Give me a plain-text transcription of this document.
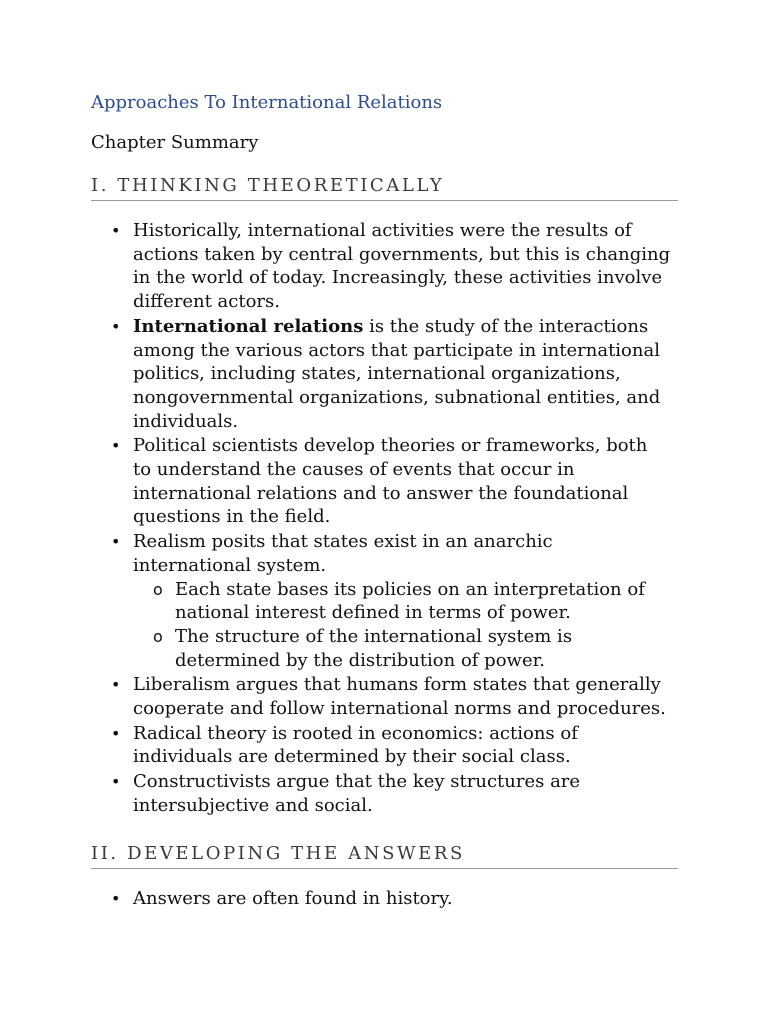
Approaches To International Relations
Chapter Summary
I. THINKING THEORETICALLY
• Historically, international activities were the results of actions taken by central governments, but this is changing in the world of today. Increasingly, these activities involve different actors.
• International relations is the study of the interactions among the various actors that participate in international politics, including states, international organizations, nongovernmental organizations, subnational entities, and individuals.
• Political scientists develop theories or frameworks, both to understand the causes of events that occur in international relations and to answer the foundational questions in the field.
• Realism posits that states exist in an anarchic international system.
o Each state bases its policies on an interpretation of national interest defined in terms of power.
o The structure of the international system is determined by the distribution of power.
• Liberalism argues that humans form states that generally cooperate and follow international norms and procedures.
• Radical theory is rooted in economics: actions of individuals are determined by their social class.
• Constructivists argue that the key structures are intersubjective and social.
II. DEVELOPING THE ANSWERS
• Answers are often found in history.
